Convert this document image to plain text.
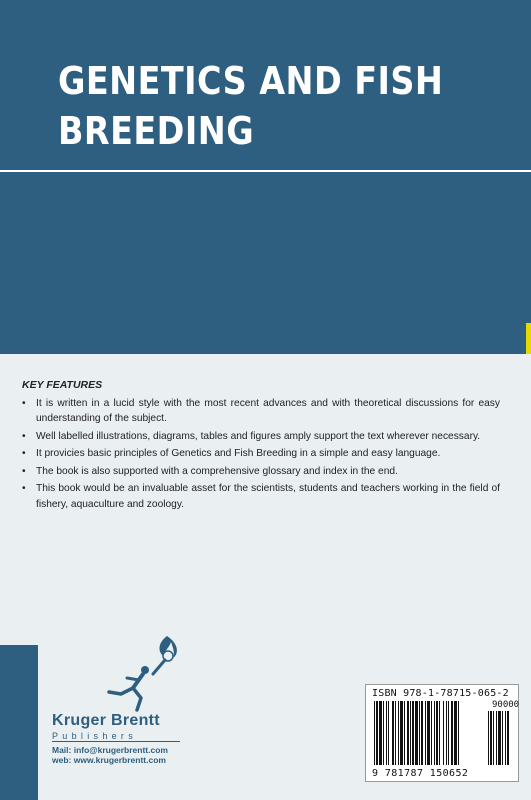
GENETICS AND FISH
BREEDING
KEY FEATURES
• It is written in a lucid style with the most recent advances and with theoretical discussions for easy understanding of the subject.
• Well labelled illustrations, diagrams, tables and figures amply support the text wherever necessary.
• It provicies basic principles of Genetics and Fish Breeding in a simple and easy language.
• The book is also supported with a comprehensive glossary and index in the end.
• This book would be an invaluable asset for the scientists, students and teachers working in the field of fishery, aquaculture and zoology.
Kruger Brentt
Publishers
Mail: info@krugerbrentt.com
web: www.krugerbrentt.com
ISBN 978-1-78715-065-2
90000
9 781787 150652
